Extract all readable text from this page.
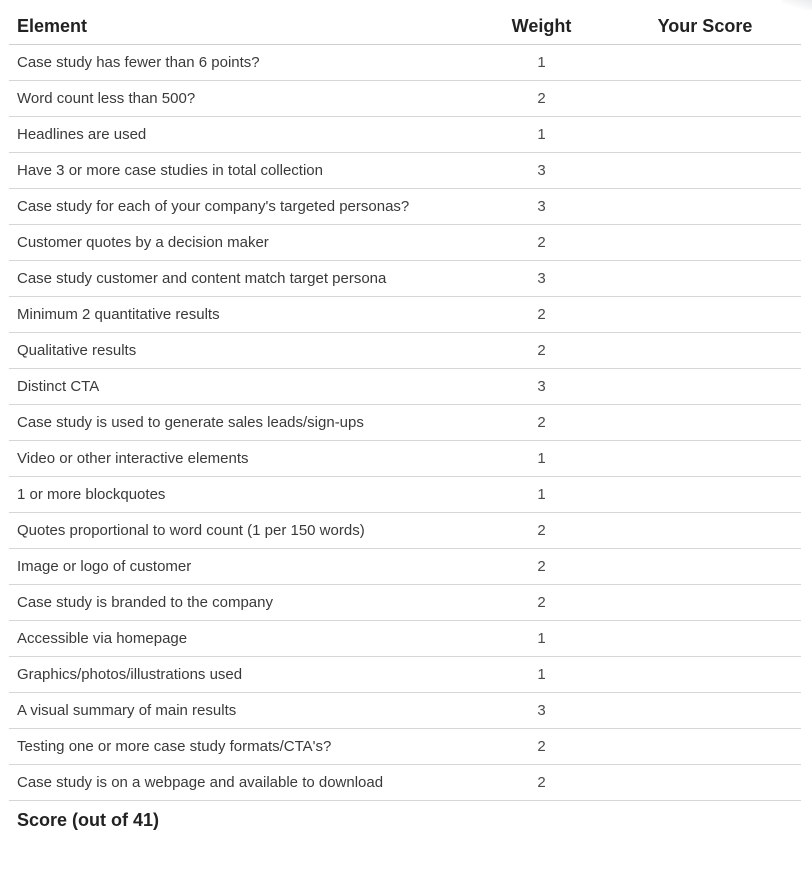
Element	Weight	Your Score
Case study has fewer than 6 points?	1
Word count less than 500?	2
Headlines are used	1
Have 3 or more case studies in total collection	3
Case study for each of your company's targeted personas?	3
Customer quotes by a decision maker	2
Case study customer and content match target persona	3
Minimum 2 quantitative results	2
Qualitative results	2
Distinct CTA	3
Case study is used to generate sales leads/sign-ups	2
Video or other interactive elements	1
1 or more blockquotes	1
Quotes proportional to word count (1 per 150 words)	2
Image or logo of customer	2
Case study is branded to the company	2
Accessible via homepage	1
Graphics/photos/illustrations used	1
A visual summary of main results	3
Testing one or more case study formats/CTA's?	2
Case study is on a webpage and available to download	2
Score (out of 41)
